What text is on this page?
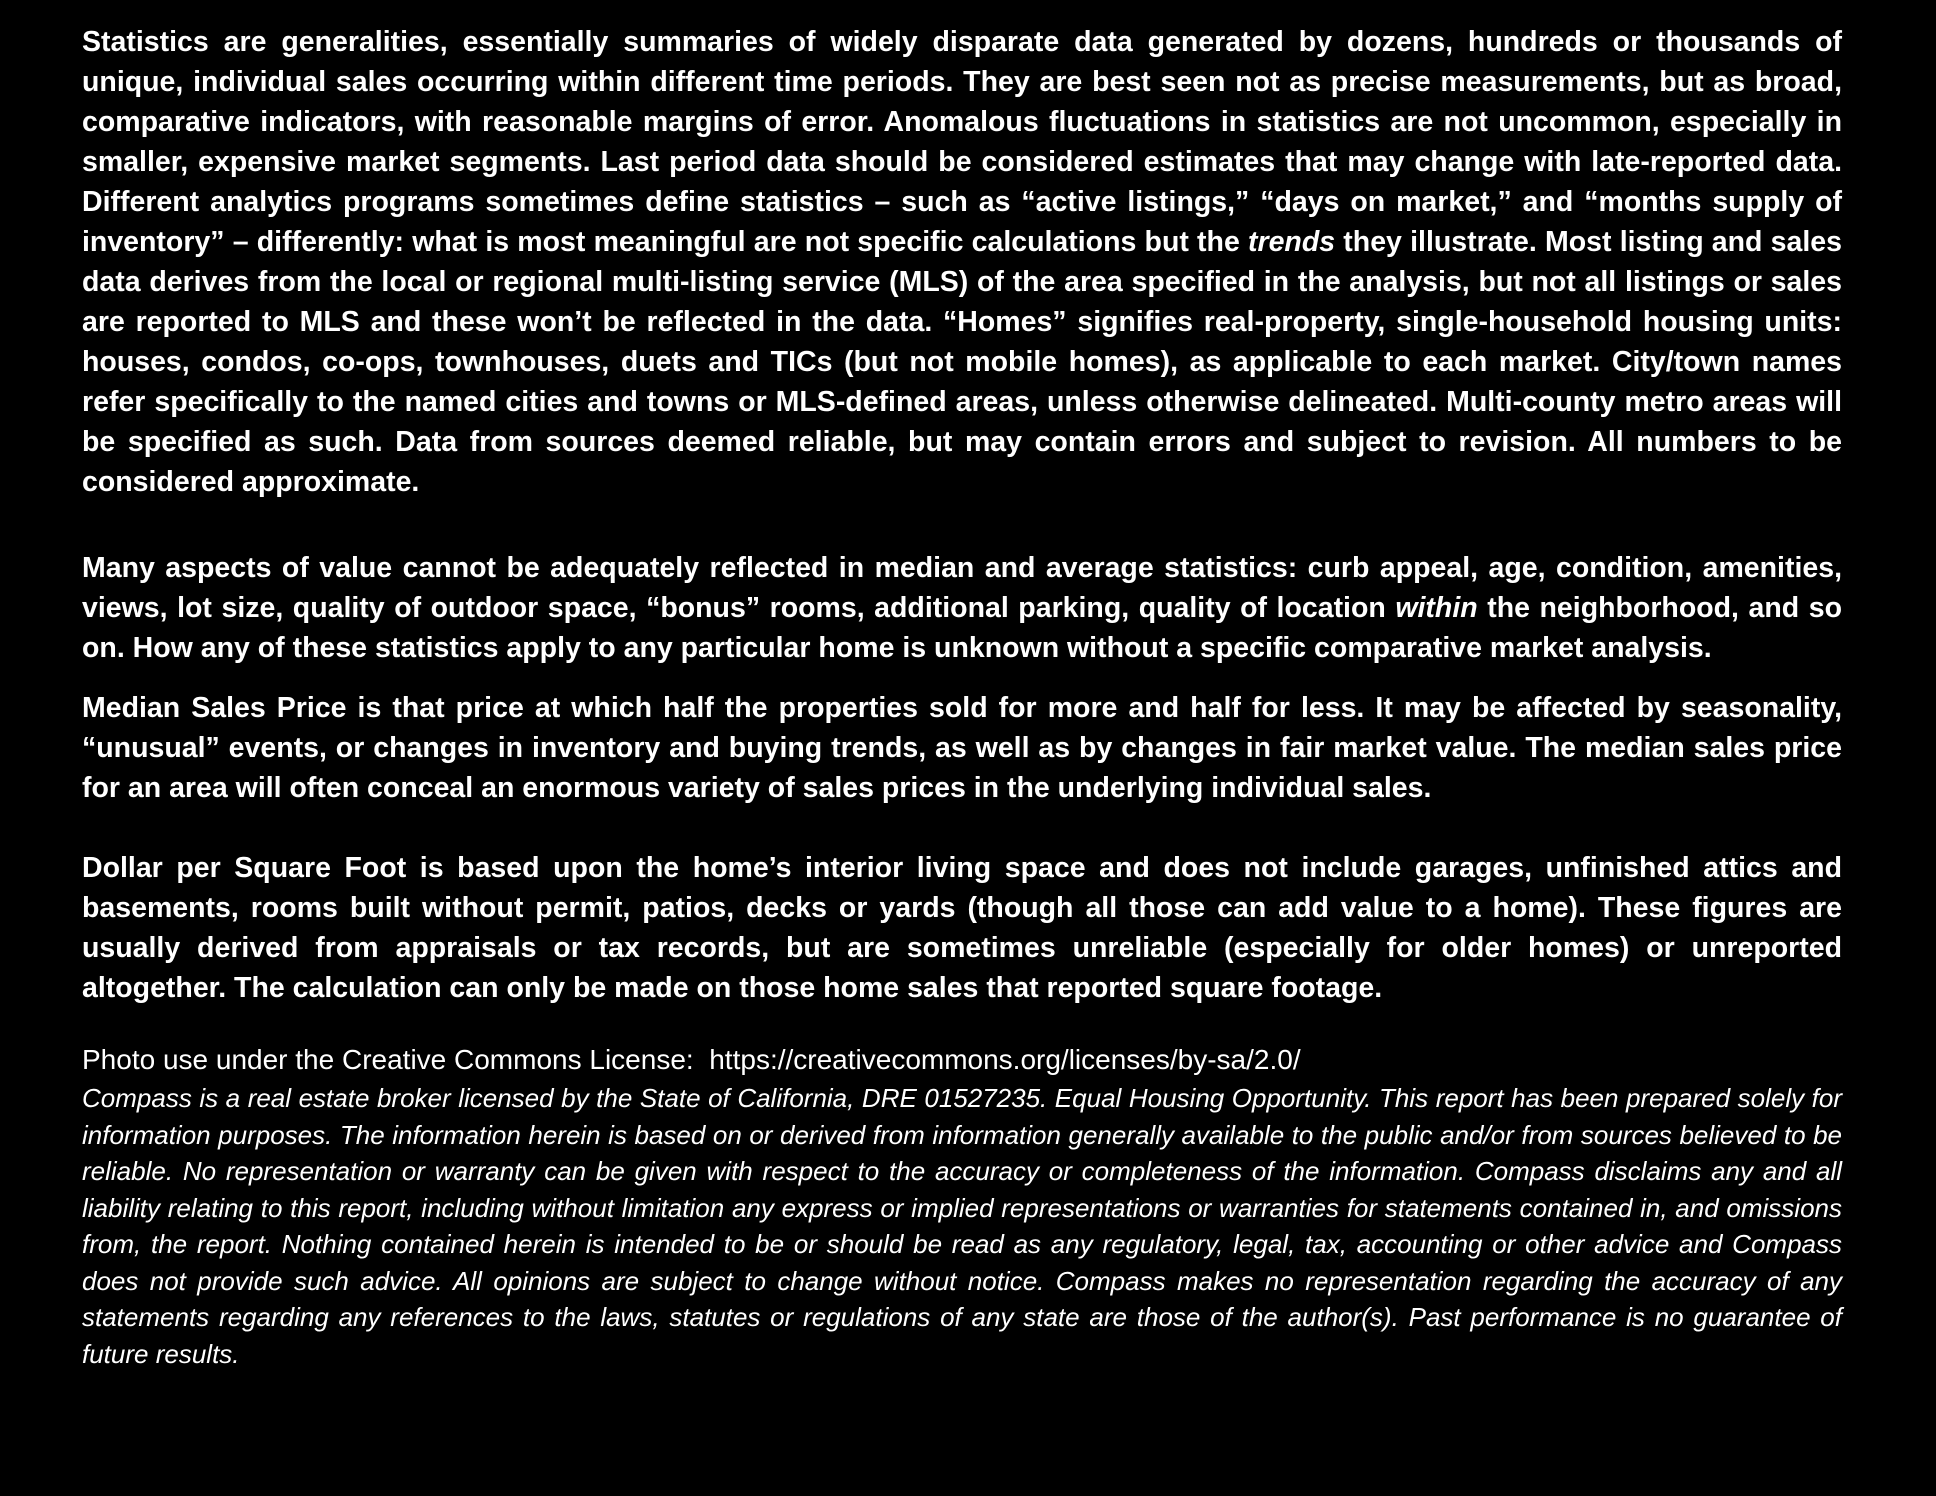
Statistics are generalities, essentially summaries of widely disparate data generated by dozens, hundreds or thousands of unique, individual sales occurring within different time periods. They are best seen not as precise measurements, but as broad, comparative indicators, with reasonable margins of error. Anomalous fluctuations in statistics are not uncommon, especially in smaller, expensive market segments. Last period data should be considered estimates that may change with late-reported data. Different analytics programs sometimes define statistics – such as “active listings,” “days on market,” and “months supply of inventory” – differently: what is most meaningful are not specific calculations but the trends they illustrate. Most listing and sales data derives from the local or regional multi-listing service (MLS) of the area specified in the analysis, but not all listings or sales are reported to MLS and these won’t be reflected in the data. “Homes” signifies real-property, single-household housing units: houses, condos, co-ops, townhouses, duets and TICs (but not mobile homes), as applicable to each market. City/town names refer specifically to the named cities and towns or MLS-defined areas, unless otherwise delineated. Multi-county metro areas will be specified as such. Data from sources deemed reliable, but may contain errors and subject to revision. All numbers to be considered approximate.

Many aspects of value cannot be adequately reflected in median and average statistics: curb appeal, age, condition, amenities, views, lot size, quality of outdoor space, “bonus” rooms, additional parking, quality of location within the neighborhood, and so on. How any of these statistics apply to any particular home is unknown without a specific comparative market analysis.

Median Sales Price is that price at which half the properties sold for more and half for less. It may be affected by seasonality, “unusual” events, or changes in inventory and buying trends, as well as by changes in fair market value. The median sales price for an area will often conceal an enormous variety of sales prices in the underlying individual sales.

Dollar per Square Foot is based upon the home’s interior living space and does not include garages, unfinished attics and basements, rooms built without permit, patios, decks or yards (though all those can add value to a home). These figures are usually derived from appraisals or tax records, but are sometimes unreliable (especially for older homes) or unreported altogether. The calculation can only be made on those home sales that reported square footage.

Photo use under the Creative Commons License:  https://creativecommons.org/licenses/by-sa/2.0/

Compass is a real estate broker licensed by the State of California, DRE 01527235. Equal Housing Opportunity. This report has been prepared solely for information purposes. The information herein is based on or derived from information generally available to the public and/or from sources believed to be reliable. No representation or warranty can be given with respect to the accuracy or completeness of the information. Compass disclaims any and all liability relating to this report, including without limitation any express or implied representations or warranties for statements contained in, and omissions from, the report. Nothing contained herein is intended to be or should be read as any regulatory, legal, tax, accounting or other advice and Compass does not provide such advice. All opinions are subject to change without notice. Compass makes no representation regarding the accuracy of any statements regarding any references to the laws, statutes or regulations of any state are those of the author(s). Past performance is no guarantee of future results.
